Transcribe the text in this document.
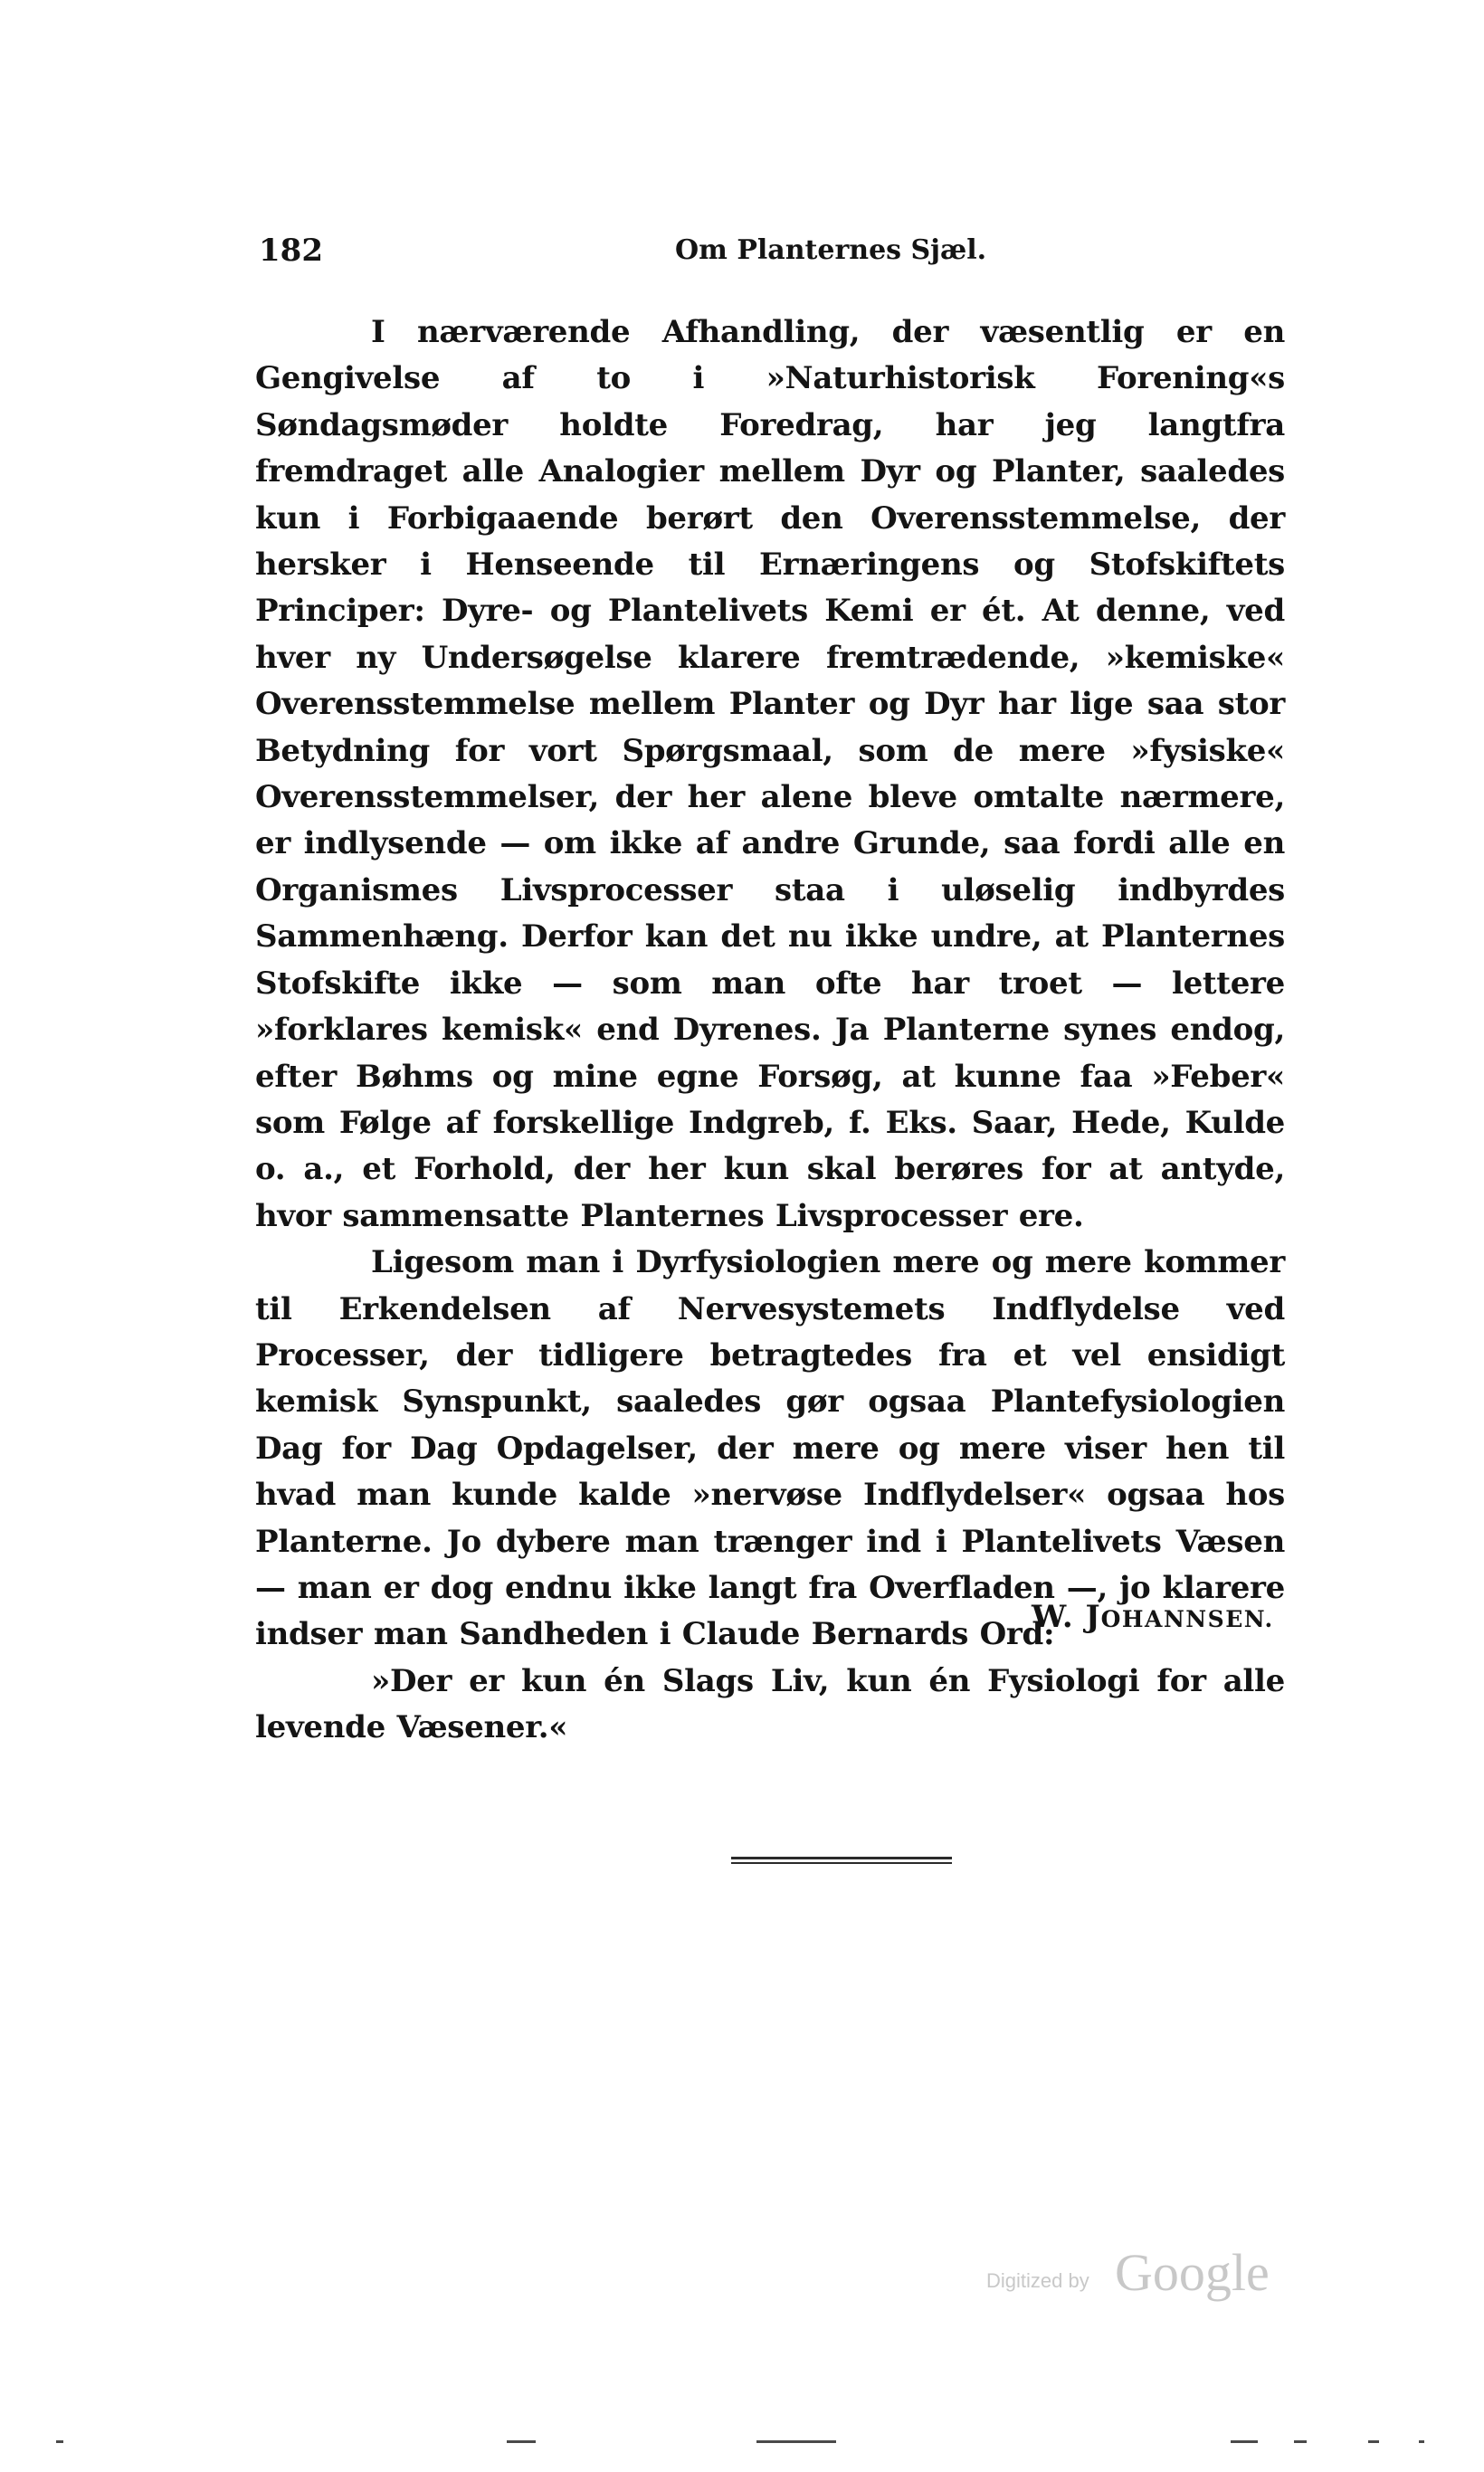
182	Om Planternes Sjæl.

I nærværende Afhandling, der væsentlig er en Gengivelse af to i »Naturhistorisk Forening«s Søndagsmøder holdte Foredrag, har jeg langtfra fremdraget alle Analogier mellem Dyr og Planter, saaledes kun i Forbigaaende berørt den Overensstemmelse, der hersker i Henseende til Ernæringens og Stofskiftets Principer: Dyre- og Plantelivets Kemi er ét. At denne, ved hver ny Undersøgelse klarere fremtrædende, »kemiske« Overensstemmelse mellem Planter og Dyr har lige saa stor Betydning for vort Spørgsmaal, som de mere »fysiske« Overensstemmelser, der her alene bleve omtalte nærmere, er indlysende — om ikke af andre Grunde, saa fordi alle en Organismes Livsprocesser staa i uløselig indbyrdes Sammenhæng. Derfor kan det nu ikke undre, at Planternes Stofskifte ikke — som man ofte har troet — lettere »forklares kemisk« end Dyrenes. Ja Planterne synes endog, efter Bøhms og mine egne Forsøg, at kunne faa »Feber« som Følge af forskellige Indgreb, f. Eks. Saar, Hede, Kulde o. a., et Forhold, der her kun skal berøres for at antyde, hvor sammensatte Planternes Livsprocesser ere.

Ligesom man i Dyrfysiologien mere og mere kommer til Erkendelsen af Nervesystemets Indflydelse ved Processer, der tidligere betragtedes fra et vel ensidigt kemisk Synspunkt, saaledes gør ogsaa Plantefysiologien Dag for Dag Opdagelser, der mere og mere viser hen til hvad man kunde kalde »nervøse Indflydelser« ogsaa hos Planterne. Jo dybere man trænger ind i Plantelivets Væsen — man er dog endnu ikke langt fra Overfladen —, jo klarere indser man Sandheden i Claude Bernards Ord:

»Der er kun én Slags Liv, kun én Fysiologi for alle levende Væsener.«

W. JOHANNSEN.
Digitized by Google
